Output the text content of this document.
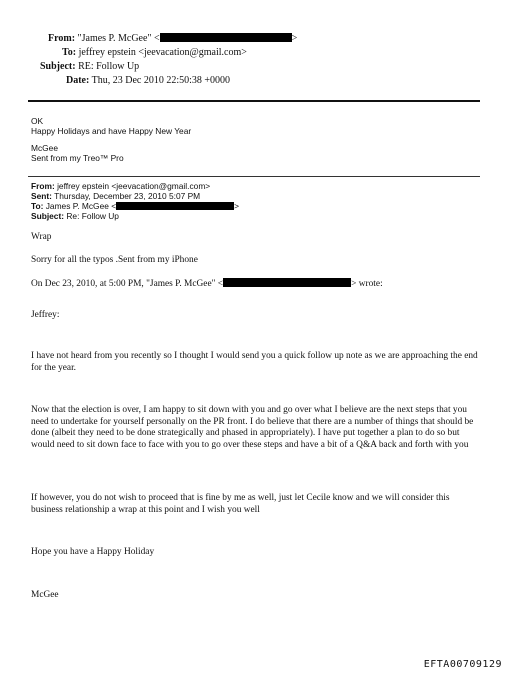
From: "James P. McGee" <	>
To: jeffrey epstein <jeevacation@gmail.com>
Subject: RE: Follow Up
Date: Thu, 23 Dec 2010 22:50:38 +0000
OK
Happy Holidays and have Happy New Year
McGee
Sent from my Treo™ Pro
From: jeffrey epstein <jeevacation@gmail.com>
Sent: Thursday, December 23, 2010 5:07 PM
To: James P. McGee <	>
Subject: Re: Follow Up
Wrap
Sorry for all the typos .Sent from my iPhone
On Dec 23, 2010, at 5:00 PM, "James P. McGee" <	> wrote:
Jeffrey:
I have not heard from you recently so I thought I would send you a quick follow up note as we are approaching the end for the year.
Now that the election is over, I am happy to sit down with you and go over what I believe are the next steps that you need to undertake for yourself personally on the PR front. I do believe that there are a number of things that should be done (albeit they need to be done strategically and phased in appropriately). I have put together a plan to do so but would need to sit down face to face with you to go over these steps and have a bit of a Q&A back and forth with you
If however, you do not wish to proceed that is fine by me as well, just let Cecile know and we will consider this business relationship a wrap at this point and I wish you well
Hope you have a Happy Holiday
McGee
EFTA00709129
